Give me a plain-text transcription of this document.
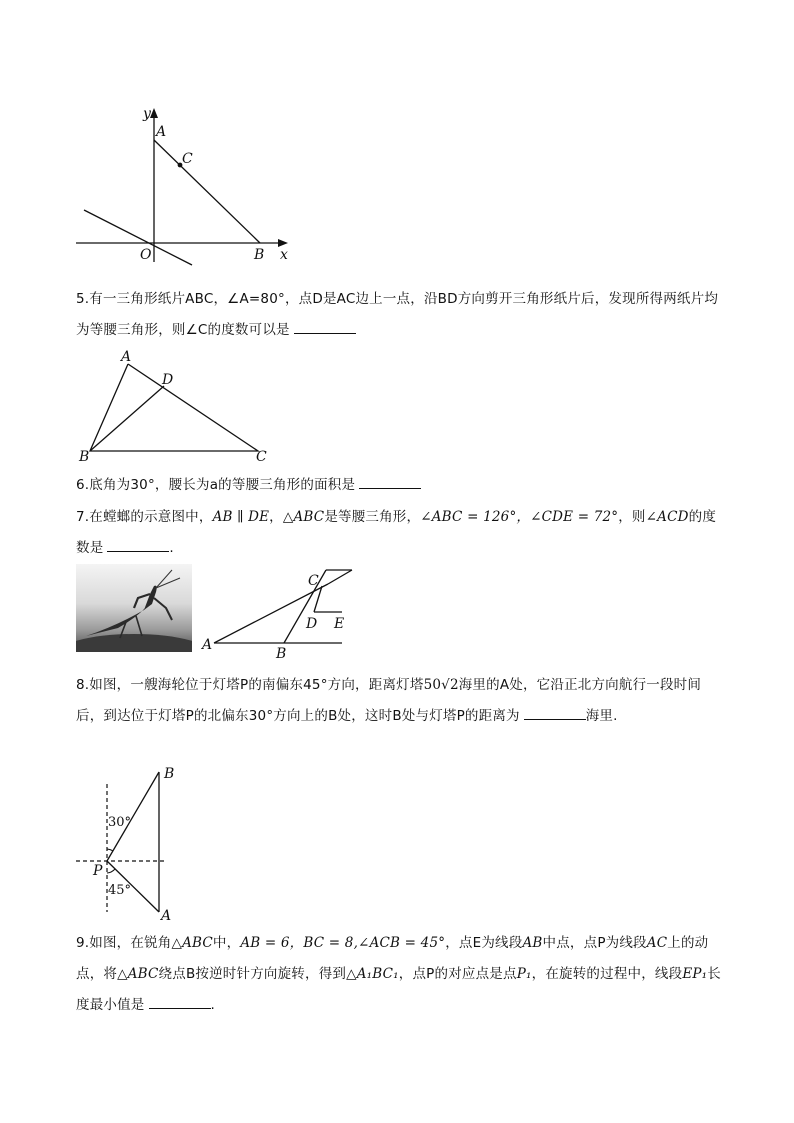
y
A
C
O	B x

5.有一三角形纸片ABC，∠A=80°，点D是AC边上一点，沿BD方向剪开三角形纸片后，发现所得两纸片均为等腰三角形，则∠C的度数可以是

A
D
B	C

6.底角为30°，腰长为a的等腰三角形的面积是

7.在螳螂的示意图中，AB ∥ DE，△ABC是等腰三角形，∠ABC = 126°，∠CDE = 72°，则∠ACD的度数是	.

C
D E
A
B

8.如图，一艘海轮位于灯塔P的南偏东45°方向，距离灯塔50√2海里的A处，它沿正北方向航行一段时间后，到达位于灯塔P的北偏东30°方向上的B处，这时B处与灯塔P的距离为	海里.

B
30°
P
45°
A

9.如图，在锐角△ABC中，AB = 6，BC = 8,∠ACB = 45°，点E为线段AB中点，点P为线段AC上的动点，将△ABC绕点B按逆时针方向旋转，得到△A₁BC₁，点P的对应点是点P₁，在旋转的过程中，线段EP₁长度最小值是	.
